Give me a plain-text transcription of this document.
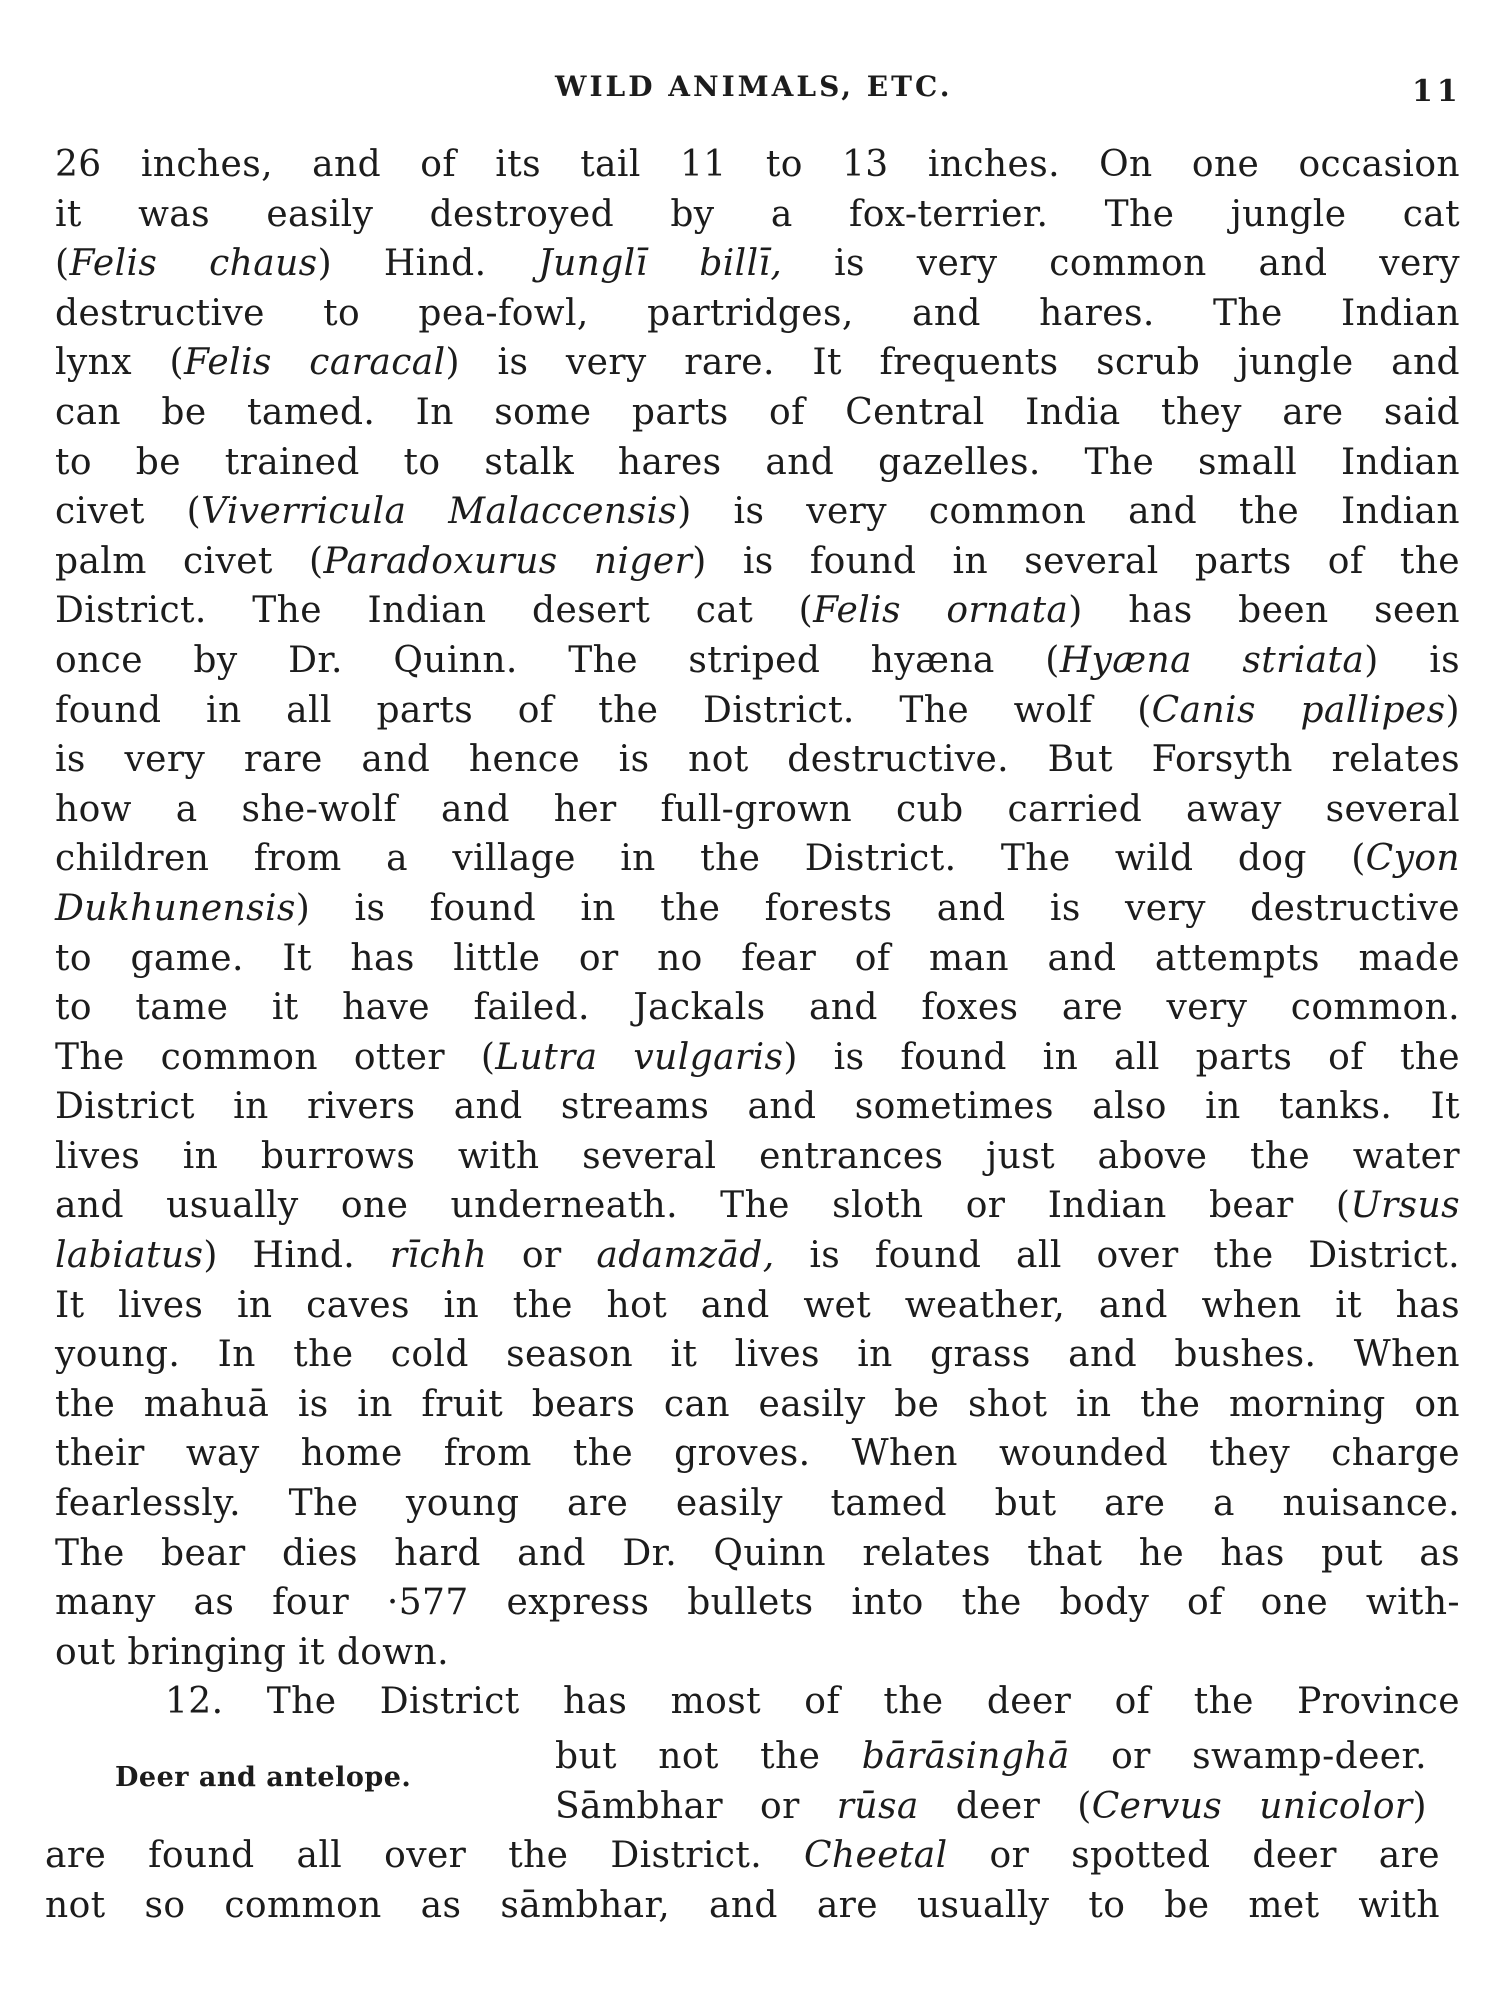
WILD ANIMALS, ETC.	11
26 inches, and of its tail 11 to 13 inches. On one occasion
it was easily destroyed by a fox-terrier. The jungle cat
(Felis chaus) Hind. Junglī billī, is very common and very
destructive to pea-fowl, partridges, and hares. The Indian
lynx (Felis caracal) is very rare. It frequents scrub jungle and
can be tamed. In some parts of Central India they are said
to be trained to stalk hares and gazelles. The small Indian
civet (Viverricula Malaccensis) is very common and the Indian
palm civet (Paradoxurus niger) is found in several parts of the
District. The Indian desert cat (Felis ornata) has been seen
once by Dr. Quinn. The striped hyæna (Hyæna striata) is
found in all parts of the District. The wolf (Canis pallipes)
is very rare and hence is not destructive. But Forsyth relates
how a she-wolf and her full-grown cub carried away several
children from a village in the District. The wild dog (Cyon
Dukhunensis) is found in the forests and is very destructive
to game. It has little or no fear of man and attempts made
to tame it have failed. Jackals and foxes are very common.
The common otter (Lutra vulgaris) is found in all parts of the
District in rivers and streams and sometimes also in tanks. It
lives in burrows with several entrances just above the water
and usually one underneath. The sloth or Indian bear (Ursus
labiatus) Hind. rīchh or adamzād, is found all over the District.
It lives in caves in the hot and wet weather, and when it has
young. In the cold season it lives in grass and bushes. When
the mahuā is in fruit bears can easily be shot in the morning on
their way home from the groves. When wounded they charge
fearlessly. The young are easily tamed but are a nuisance.
The bear dies hard and Dr. Quinn relates that he has put as
many as four ·577 express bullets into the body of one with-
out bringing it down.
12. The District has most of the deer of the Province
Deer and antelope.
but not the bārāsinghā or swamp-deer.
Sāmbhar or rūsa deer (Cervus unicolor)
are found all over the District. Cheetal or spotted deer are
not so common as sāmbhar, and are usually to be met with
